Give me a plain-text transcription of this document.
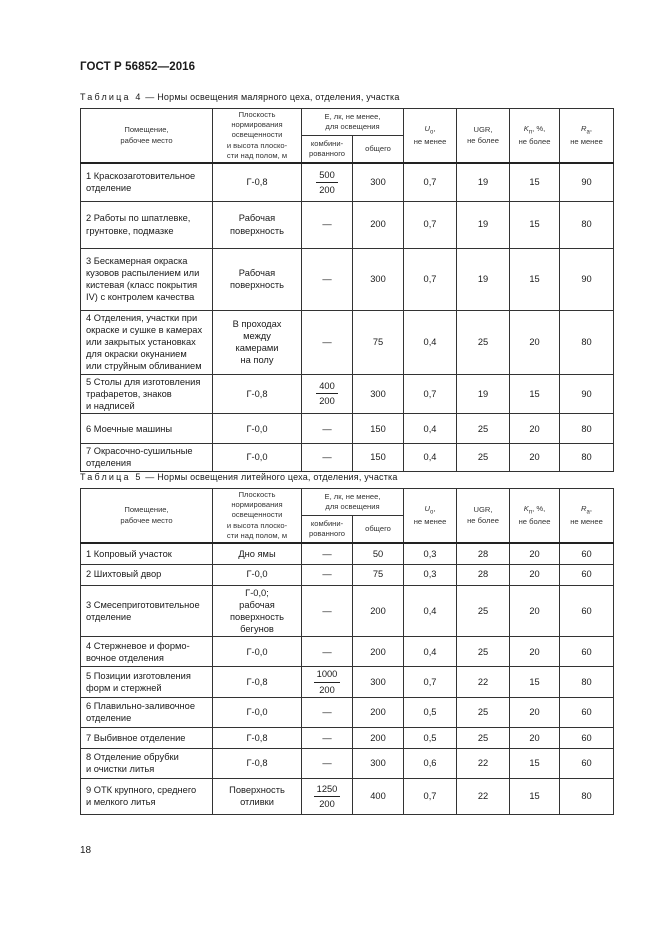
ГОСТ Р 56852—2016
Таблица 4 — Нормы освещения малярного цеха, отделения, участка
Помещение,
рабочее место	Плоскость
нормирования
освещенности
и высота плоско-
сти над полом, м	E, лк, не менее,
для освещения		$U_o$,
не менее	UGR,
не более	$K_п$, %,
не более	$R_a$,
не менее
		комбини-
рованного	общего				
1 Краскозаготовительное
отделение	Г-0,8	$\frac{500}{200}$	300	0,7	19	15	90
2 Работы по шпатлевке,
грунтовке, подмазке	Рабочая
поверхность	—	200	0,7	19	15	80
3 Бескамерная окраска
кузовов распылением или
кистевая (класс покрытия
IV) с контролем качества	Рабочая
поверхность	—	300	0,7	19	15	90
4 Отделения, участки при
окраске и сушке в камерах
или закрытых установках
для окраски окунанием
или струйным обливанием	В проходах
между
камерами
на полу	—	75	0,4	25	20	80
5 Столы для изготовления
трафаретов, знаков
и надписей	Г-0,8	$\frac{400}{200}$	300	0,7	19	15	90
6 Моечные машины	Г-0,0	—	150	0,4	25	20	80
7 Окрасочно-сушильные
отделения	Г-0,0	—	150	0,4	25	20	80
Таблица 5 — Нормы освещения литейного цеха, отделения, участка
Помещение,
рабочее место	Плоскость
нормирования
освещенности
и высота плоско-
сти над полом, м	E, лк, не менее,
для освещения		$U_o$,
не менее	UGR,
не более	$K_п$, %,
не более	$R_a$,
не менее
		комбини-
рованного	общего				
1 Копровый участок	Дно ямы	—	50	0,3	28	20	60
2 Шихтовый двор	Г-0,0	—	75	0,3	28	20	60
3 Смесеприготовительное
отделение	Г-0,0;
рабочая
поверхность
бегунов	—	200	0,4	25	20	60
4 Стержневое и формо-
вочное отделения	Г-0,0	—	200	0,4	25	20	60
5 Позиции изготовления
форм и стержней	Г-0,8	$\frac{1000}{200}$	300	0,7	22	15	80
6 Плавильно-заливочное
отделение	Г-0,0	—	200	0,5	25	20	60
7 Выбивное отделение	Г-0,8	—	200	0,5	25	20	60
8 Отделение обрубки
и очистки литья	Г-0,8	—	300	0,6	22	15	60
9 ОТК крупного, среднего
и мелкого литья	Поверхность
отливки	$\frac{1250}{200}$	400	0,7	22	15	80
18
